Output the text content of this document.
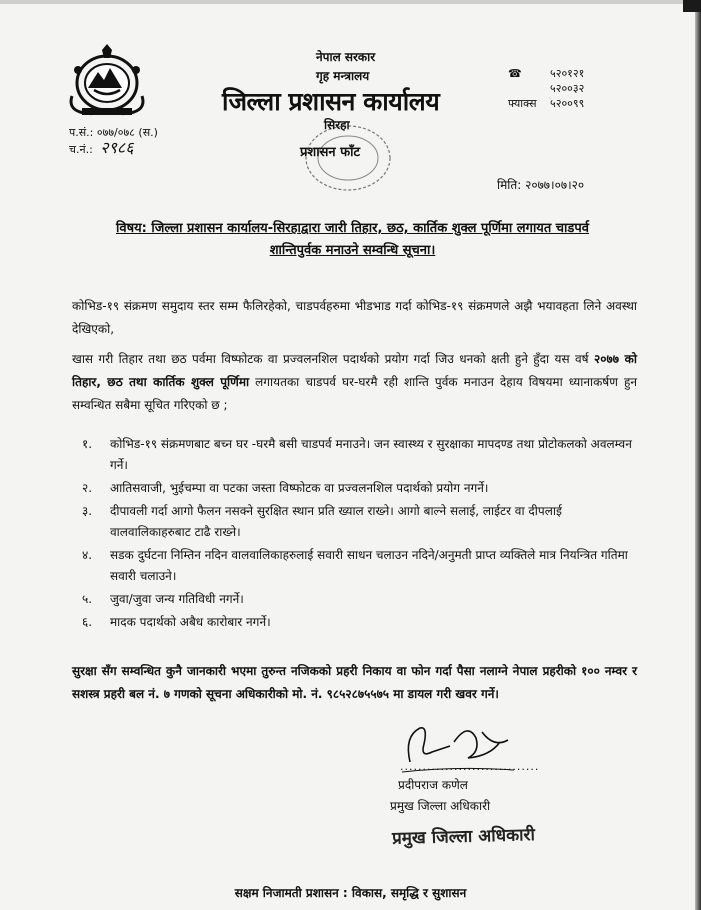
नेपाल सरकार
गृह मन्त्रालय
जिल्ला प्रशासन कार्यालय
☎	५२०१२१
५२००३२
फ्याक्स	५२००९९
प.सं.: ०७७/०७८ (स.)
च.नं.: २९८६
सिरहा
प्रशासन फाँट
मिति: २०७७।०७।२०
विषय: जिल्ला प्रशासन कार्यालय-सिरहाद्वारा जारी तिहार, छठ, कार्तिक शुक्ल पूर्णिमा लगायत चाडपर्व
शान्तिपुर्वक मनाउने सम्वन्धि सूचना।
कोभिड-१९ संक्रमण समुदाय स्तर सम्म फैलिरहेको, चाडपर्वहरुमा भीडभाड गर्दा कोभिड-१९ संक्रमणले अझै भयावहता लिने अवस्था देखिएको,
खास गरी तिहार तथा छठ पर्वमा विष्फोटक वा प्रज्वलनशिल पदार्थको प्रयोग गर्दा जिउ धनको क्षती हुने हुँदा यस वर्ष २०७७ को तिहार, छठ तथा कार्तिक शुक्ल पूर्णिमा लगायतका चाडपर्व घर-घरमै रही शान्ति पुर्वक मनाउन देहाय विषयमा ध्यानाकर्षण हुन सम्वन्धित सबैमा सूचित गरिएको छ ;
१.	कोभिड-१९ संक्रमणबाट बच्न घर -घरमै बसी चाडपर्व मनाउने। जन स्वास्थ्य र सुरक्षाका मापदण्ड तथा प्रोटोकलको अवलम्वन गर्ने।
२.	आतिसवाजी, भुईचम्पा वा पटका जस्ता विष्फोटक वा प्रज्वलनशिल पदार्थको प्रयोग नगर्ने।
३.	दीपावली गर्दा आगो फैलन नसक्ने सुरक्षित स्थान प्रति ख्याल राख्ने। आगो बाल्ने सलाई, लाईटर वा दीपलाई वालवालिकाहरुबाट टाढै राख्ने।
४.	सडक दुर्घटना निम्तिन नदिन वालवालिकाहरुलाई सवारी साधन चलाउन नदिने/अनुमती प्राप्त व्यक्तिले मात्र नियन्त्रित गतिमा सवारी चलाउने।
५.	जुवा/जुवा जन्य गतिविधी नगर्ने।
६.	मादक पदार्थको अबैध कारोबार नगर्ने।
सुरक्षा सँग सम्वन्धित कुनै जानकारी भएमा तुरुन्त नजिकको प्रहरी निकाय वा फोन गर्दा पैसा नलाग्ने नेपाल प्रहरीको १०० नम्वर र सशस्त्र प्रहरी बल नं. ७ गणको सूचना अधिकारीको मो. नं. ९८५२८७५५७५ मा डायल गरी खवर गर्ने।
...............................
प्रदीपराज कणेल
प्रमुख जिल्ला अधिकारी
प्रमुख जिल्ला अधिकारी
सक्षम निजामती प्रशासन : विकास, समृद्धि र सुशासन
